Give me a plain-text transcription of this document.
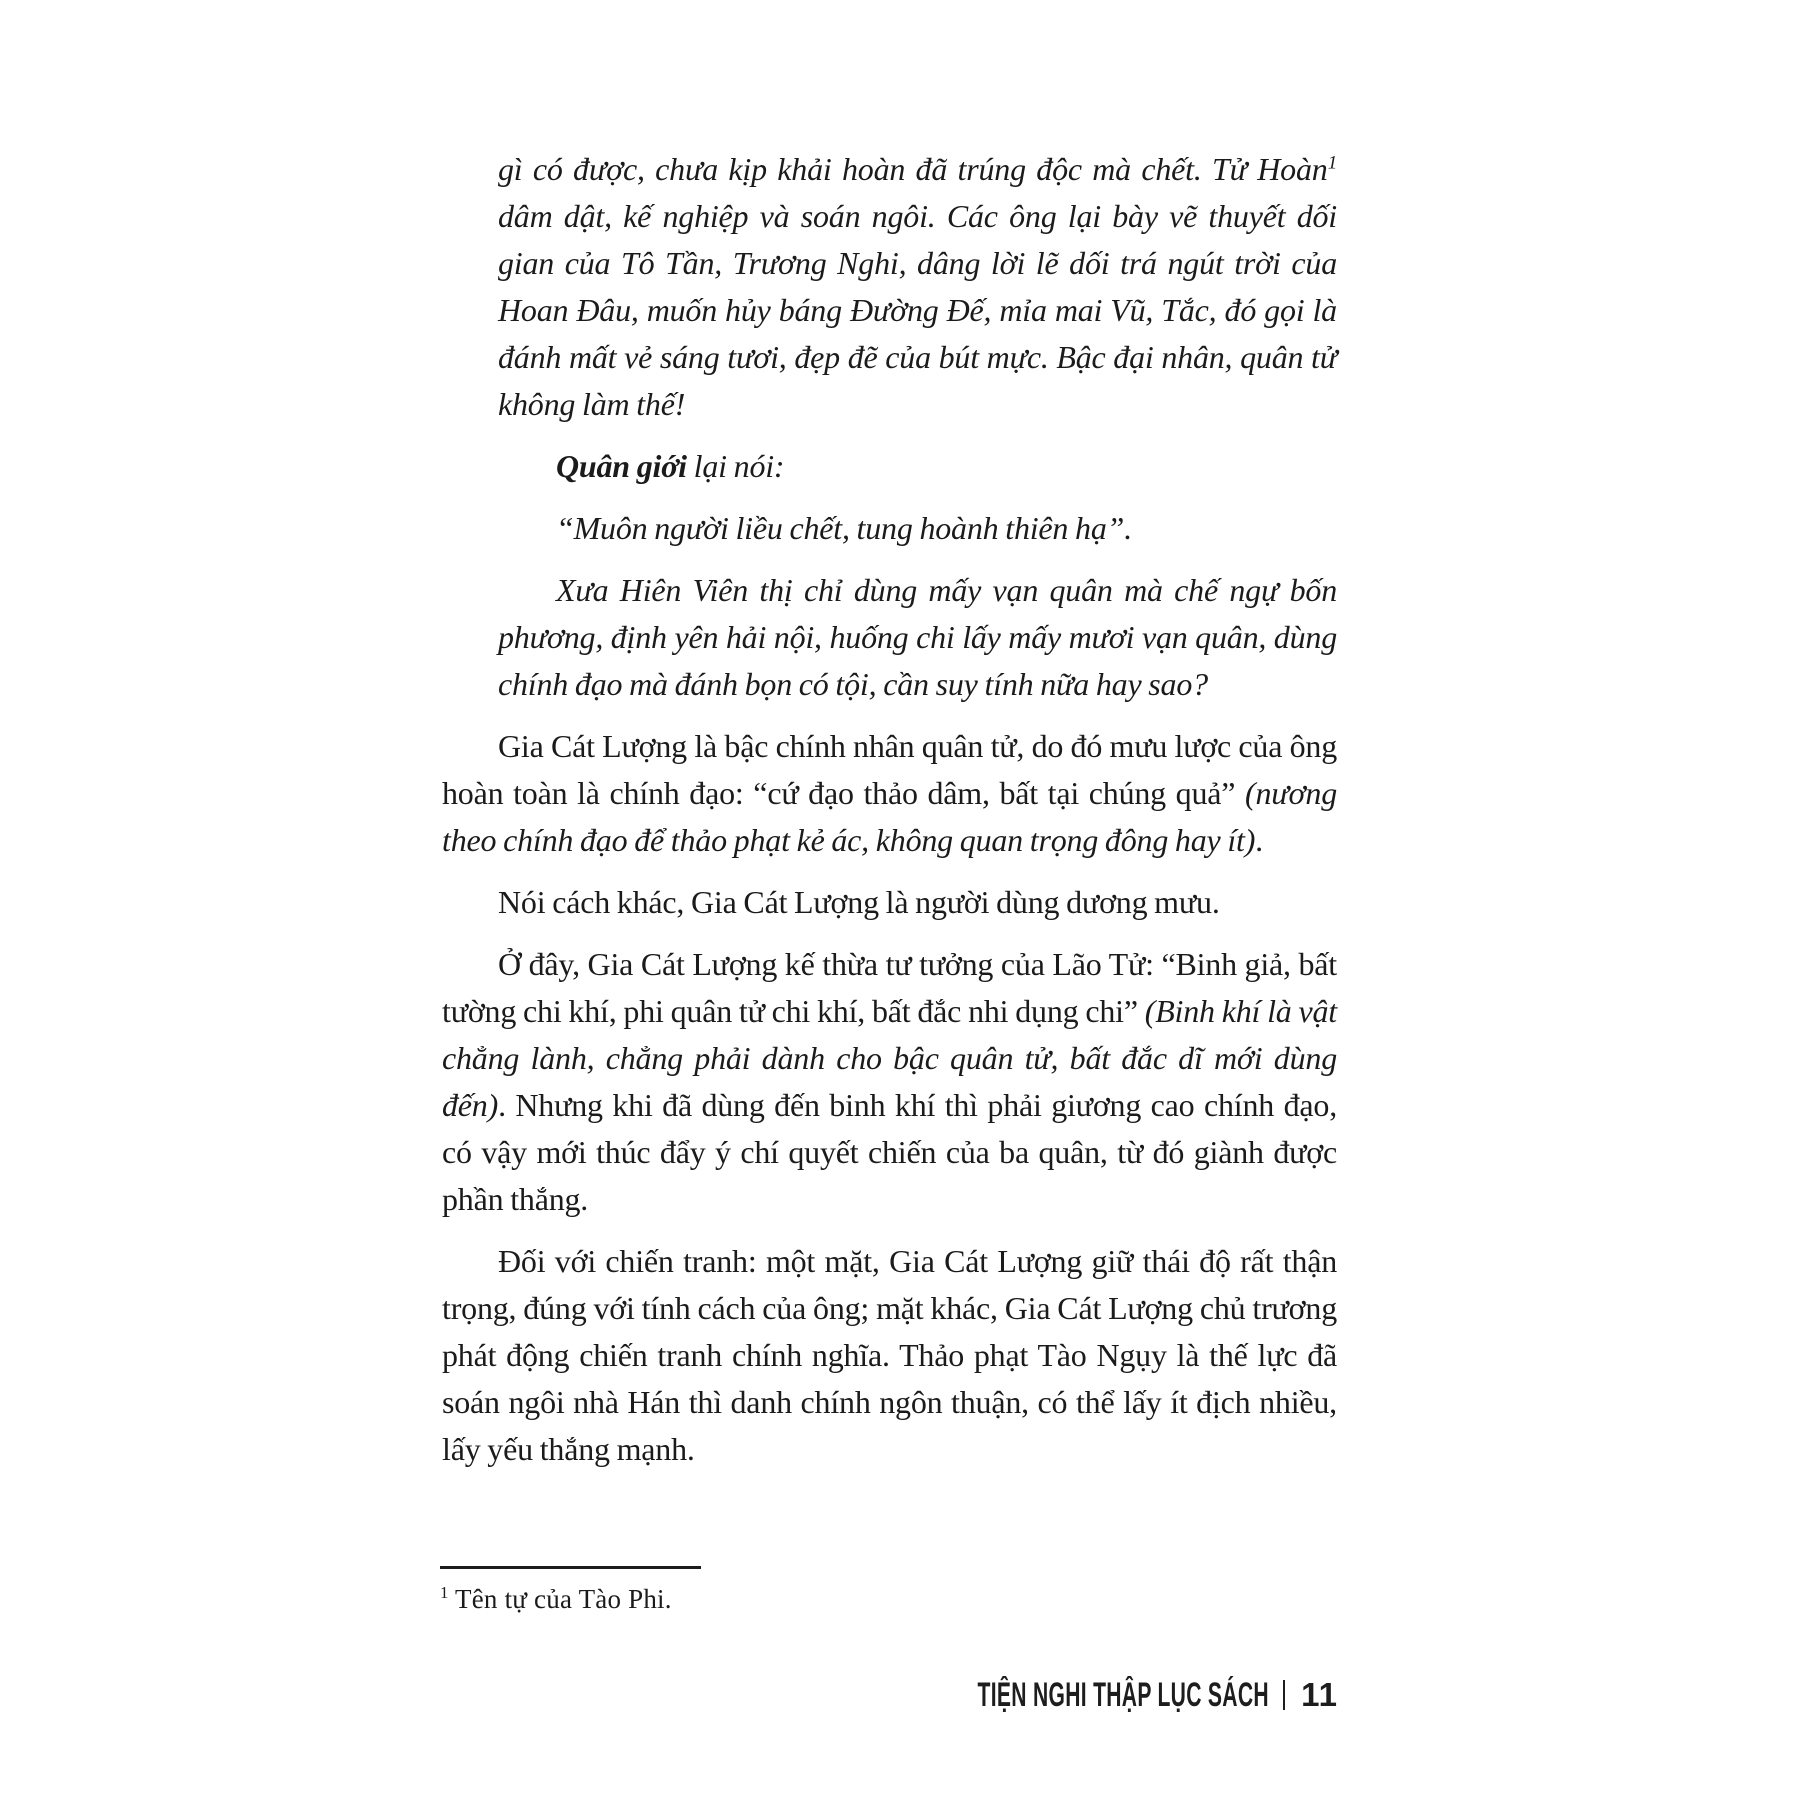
gì có được, chưa kịp khải hoàn đã trúng độc mà chết. Tử Hoàn$^1$ dâm dật, kế nghiệp và soán ngôi. Các ông lại bày vẽ thuyết dối gian của Tô Tần, Trương Nghi, dâng lời lẽ dối trá ngút trời của Hoan Đâu, muốn hủy báng Đường Đế, mỉa mai Vũ, Tắc, đó gọi là đánh mất vẻ sáng tươi, đẹp đẽ của bút mực. Bậc đại nhân, quân tử không làm thế!

Quân giới lại nói:

“Muôn người liều chết, tung hoành thiên hạ”.

Xưa Hiên Viên thị chỉ dùng mấy vạn quân mà chế ngự bốn phương, định yên hải nội, huống chi lấy mấy mươi vạn quân, dùng chính đạo mà đánh bọn có tội, cần suy tính nữa hay sao?

Gia Cát Lượng là bậc chính nhân quân tử, do đó mưu lược của ông hoàn toàn là chính đạo: “cứ đạo thảo dâm, bất tại chúng quả” (nương theo chính đạo để thảo phạt kẻ ác, không quan trọng đông hay ít).

Nói cách khác, Gia Cát Lượng là người dùng dương mưu.

Ở đây, Gia Cát Lượng kế thừa tư tưởng của Lão Tử: “Binh giả, bất tường chi khí, phi quân tử chi khí, bất đắc nhi dụng chi” (Binh khí là vật chẳng lành, chẳng phải dành cho bậc quân tử, bất đắc dĩ mới dùng đến). Nhưng khi đã dùng đến binh khí thì phải giương cao chính đạo, có vậy mới thúc đẩy ý chí quyết chiến của ba quân, từ đó giành được phần thắng.

Đối với chiến tranh: một mặt, Gia Cát Lượng giữ thái độ rất thận trọng, đúng với tính cách của ông; mặt khác, Gia Cát Lượng chủ trương phát động chiến tranh chính nghĩa. Thảo phạt Tào Ngụy là thế lực đã soán ngôi nhà Hán thì danh chính ngôn thuận, có thể lấy ít địch nhiều, lấy yếu thắng mạnh.

$^1$ Tên tự của Tào Phi.

TIỆN NGHI THẬP LỤC SÁCH 11
